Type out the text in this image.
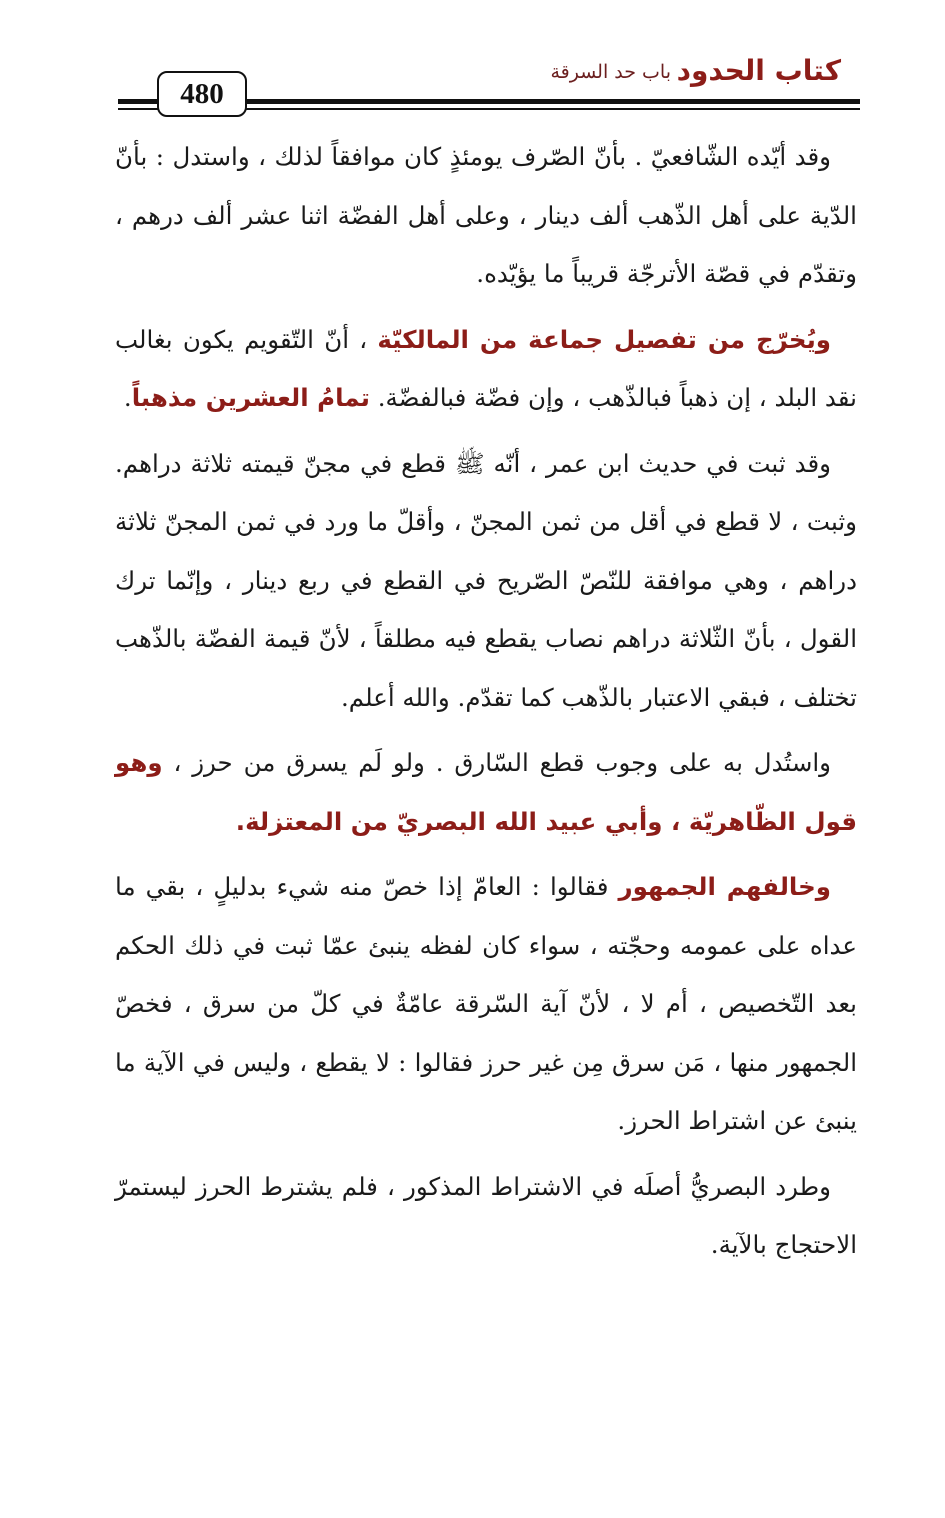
كتاب الحدود
باب حد السرقة
480

وقد أيّده الشّافعيّ . بأنّ الصّرف يومئذٍ كان موافقاً لذلك ، واستدل : بأنّ الدّية على أهل الذّهب ألف دينار ، وعلى أهل الفضّة اثنا عشر ألف درهم ، وتقدّم في قصّة الأترجّة قريباً ما يؤيّده.

ويُخرّج من تفصيل جماعة من المالكيّة ، أنّ التّقويم يكون بغالب نقد البلد ، إن ذهباً فبالذّهب ، وإن فضّة فبالفضّة. تمامُ العشرين مذهباً.

وقد ثبت في حديث ابن عمر ، أنّه ﷺ قطع في مجنّ قيمته ثلاثة دراهم. وثبت ، لا قطع في أقل من ثمن المجنّ ، وأقلّ ما ورد في ثمن المجنّ ثلاثة دراهم ، وهي موافقة للنّصّ الصّريح في القطع في ربع دينار ، وإنّما ترك القول ، بأنّ الثّلاثة دراهم نصاب يقطع فيه مطلقاً ، لأنّ قيمة الفضّة بالذّهب تختلف ، فبقي الاعتبار بالذّهب كما تقدّم. والله أعلم.

واستُدل به على وجوب قطع السّارق . ولو لَم يسرق من حرز ، وهو قول الظّاهريّة ، وأبي عبيد الله البصريّ من المعتزلة.

وخالفهم الجمهور فقالوا : العامّ إذا خصّ منه شيء بدليلٍ ، بقي ما عداه على عمومه وحجّته ، سواء كان لفظه ينبئ عمّا ثبت في ذلك الحكم بعد التّخصيص ، أم لا ، لأنّ آية السّرقة عامّةٌ في كلّ من سرق ، فخصّ الجمهور منها ، مَن سرق مِن غير حرز فقالوا : لا يقطع ، وليس في الآية ما ينبئ عن اشتراط الحرز.

وطرد البصريُّ أصلَه في الاشتراط المذكور ، فلم يشترط الحرز ليستمرّ الاحتجاج بالآية.
